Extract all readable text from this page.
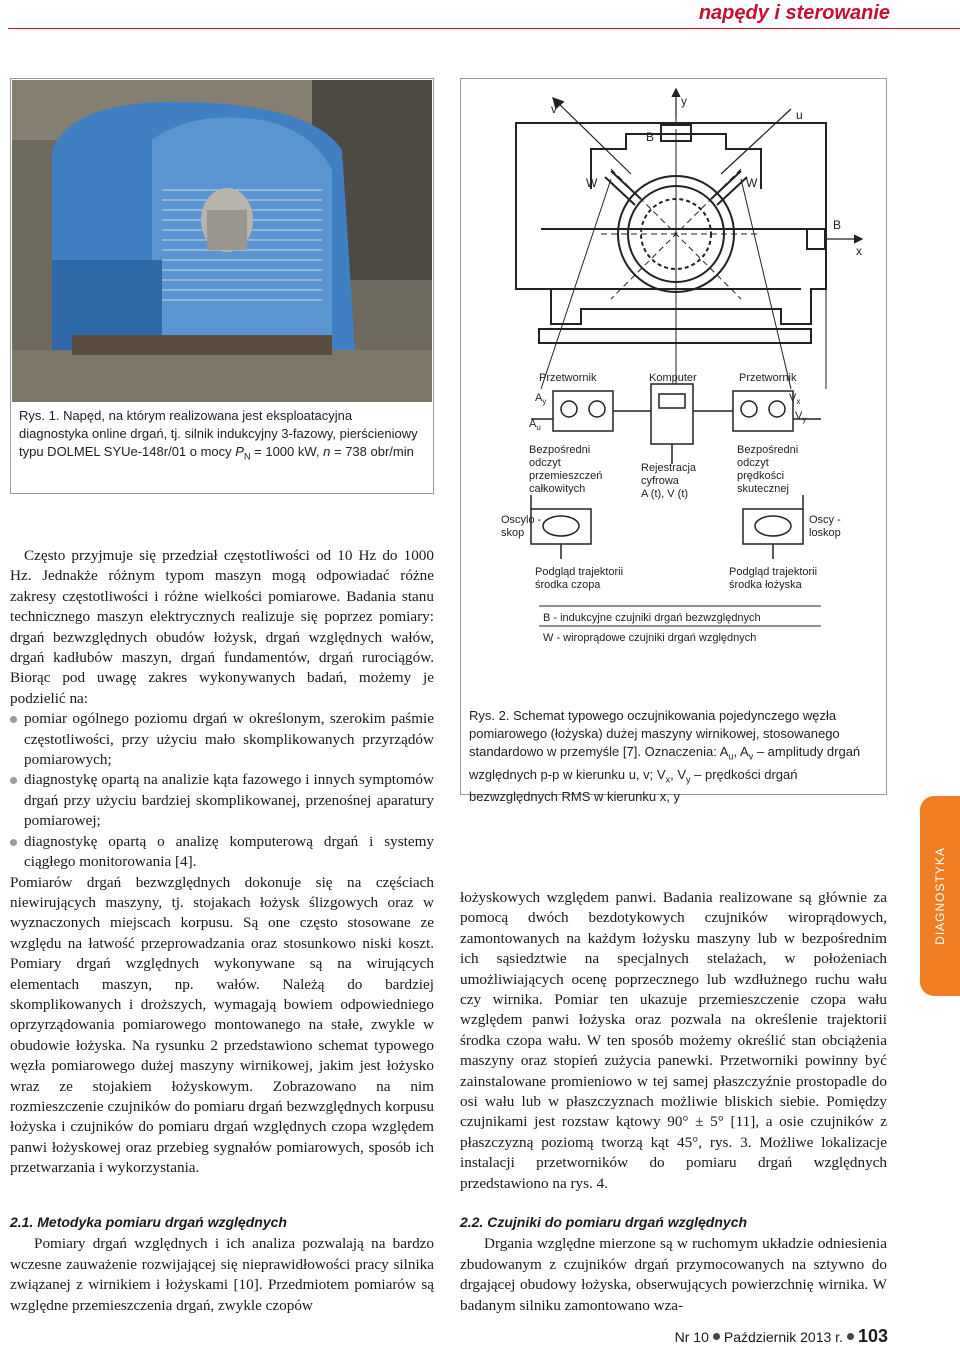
napędy i sterowanie
Rys. 1. Napęd, na którym realizowana jest eksploatacyjna diagnostyka online drgań, tj. silnik indukcyjny 3-fazowy, pierścieniowy typu DOLMEL SYUe-148r/01 o mocy $P_N = 1000$ kW, n = 738 obr/min
y
v	u
x
B
B
W	W
Przetwornik	Komputer	Przetwornik
$A_y$
$A_u$
$V_x$
$V_y$
Bezpośredni
odczyt
przemieszczeń
całkowitych
Rejestracja
cyfrowa
A (t), V (t)
Bezpośredni
odczyt
prędkości
skutecznej
Oscylo -
skop
Oscy -
loskop
Podgląd trajektorii
środka czopa
Podgląd trajektorii
środka łożyska
B - indukcyjne czujniki drgań bezwzględnych
W - wiroprądowe czujniki drgań względnych
Rys. 2. Schemat typowego oczujnikowania pojedynczego węzła pomiarowego (łożyska) dużej maszyny wirnikowej, stosowanego standardowo w przemyśle [7]. Oznaczenia: $A_u$, $A_v$ – amplitudy drgań względnych p-p w kierunku u, v; $V_x$, $V_y$ – prędkości drgań bezwzględnych RMS w kierunku x, y

Często przyjmuje się przedział częstotliwości od 10 Hz do 1000 Hz. Jednakże różnym typom maszyn mogą odpowiadać różne zakresy częstotliwości i różne wielkości pomiarowe. Badania stanu technicznego maszyn elektrycznych realizuje się poprzez pomiary: drgań bezwzględnych obudów łożysk, drgań względnych wałów, drgań kadłubów maszyn, drgań fundamentów, drgań rurociągów. Biorąc pod uwagę zakres wykonywanych badań, możemy je podzielić na:

pomiar ogólnego poziomu drgań w określonym, szerokim paśmie częstotliwości, przy użyciu mało skomplikowanych przyrządów pomiarowych;
diagnostykę opartą na analizie kąta fazowego i innych symptomów drgań przy użyciu bardziej skomplikowanej, przenośnej aparatury pomiarowej;
diagnostykę opartą o analizę komputerową drgań i systemy ciągłego monitorowania [4].

Pomiarów drgań bezwzględnych dokonuje się na częściach niewirujących maszyny, tj. stojakach łożysk ślizgowych oraz w wyznaczonych miejscach korpusu. Są one często stosowane ze względu na łatwość przeprowadzania oraz stosunkowo niski koszt. Pomiary drgań względnych wykonywane są na wirujących elementach maszyn, np. wałów. Należą do bardziej skomplikowanych i droższych, wymagają bowiem odpowiedniego oprzyrządowania pomiarowego montowanego na stałe, zwykle w obudowie łożyska. Na rysunku 2 przedstawiono schemat typowego węzła pomiarowego dużej maszyny wirnikowej, jakim jest łożysko wraz ze stojakiem łożyskowym. Zobrazowano na nim rozmieszczenie czujników do pomiaru drgań bezwzględnych korpusu łożyska i czujników do pomiaru drgań względnych czopa względem panwi łożyskowej oraz przebieg sygnałów pomiarowych, sposób ich przetwarzania i wykorzystania.

2.1. Metodyka pomiaru drgań względnych

Pomiary drgań względnych i ich analiza pozwalają na bardzo wczesne zauważenie rozwijającej się nieprawidłowości pracy silnika związanej z wirnikiem i łożyskami [10]. Przedmiotem pomiarów są względne przemieszczenia drgań, zwykle czopów

łożyskowych względem panwi. Badania realizowane są głównie za pomocą dwóch bezdotykowych czujników wiroprądowych, zamontowanych na każdym łożysku maszyny lub w bezpośrednim ich sąsiedztwie na specjalnych stelażach, w położeniach umożliwiających ocenę poprzecznego lub wzdłużnego ruchu wału czy wirnika. Pomiar ten ukazuje przemieszczenie czopa wału względem panwi łożyska oraz pozwala na określenie trajektorii środka czopa wału. W ten sposób możemy określić stan obciążenia maszyny oraz stopień zużycia panewki. Przetworniki powinny być zainstalowane promieniowo w tej samej płaszczyźnie prostopadle do osi wału lub w płaszczyznach możliwie bliskich siebie. Pomiędzy czujnikami jest rozstaw kątowy 90° ± 5° [11], a osie czujników z płaszczyzną poziomą tworzą kąt 45°, rys. 3. Możliwe lokalizacje instalacji przetworników do pomiaru drgań względnych przedstawiono na rys. 4.

2.2. Czujniki do pomiaru drgań względnych

Drgania względne mierzone są w ruchomym układzie odniesienia zbudowanym z czujników drgań przymocowanych na sztywno do drgającej obudowy łożyska, obserwujących powierzchnię wirnika. W badanym silniku zamontowano wza-

DIAGNOSTYKA
Nr 10 Październik 2013 r. 103
